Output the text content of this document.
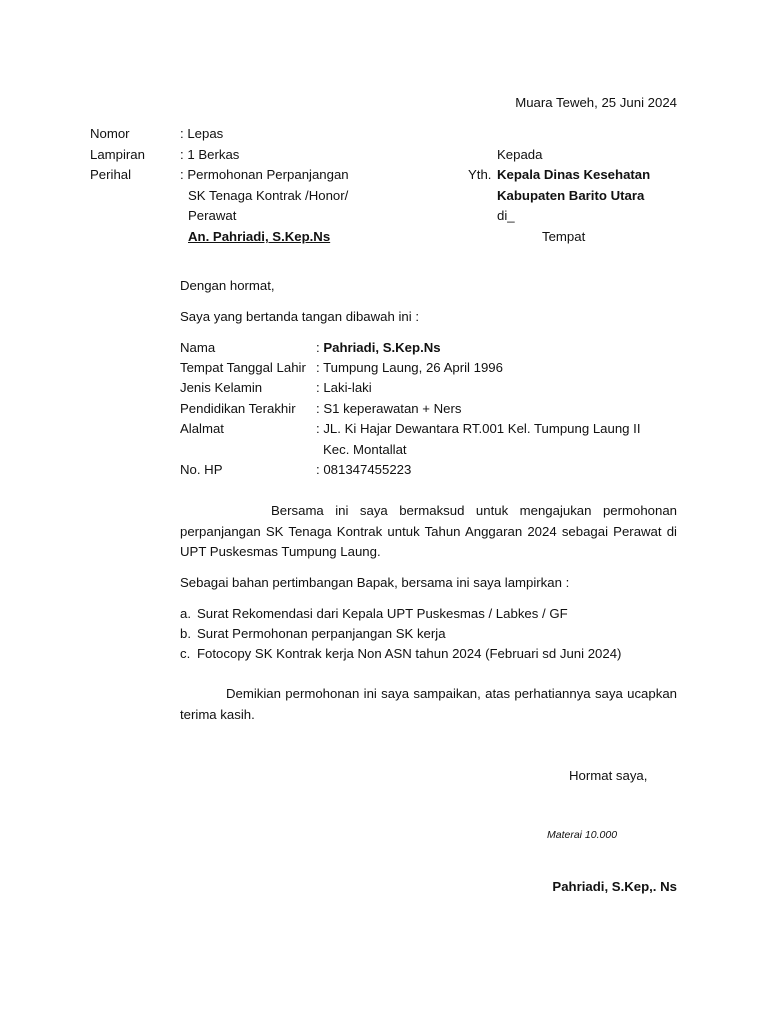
Muara Teweh, 25 Juni 2024
Nomor	: Lepas
Lampiran	: 1 Berkas
Perihal	: Permohonan Perpanjangan
SK Tenaga Kontrak /Honor/
Perawat
An. Pahriadi, S.Kep.Ns
Kepada
Yth. Kepala Dinas Kesehatan
Kabupaten Barito Utara
di_
Tempat
Dengan hormat,
Saya yang bertanda tangan dibawah ini :
Nama	: Pahriadi, S.Kep.Ns
Tempat Tanggal Lahir : Tumpung Laung, 26 April 1996
Jenis Kelamin	: Laki-laki
Pendidikan Terakhir : S1 keperawatan + Ners
Alalmat	: JL. Ki Hajar Dewantara RT.001 Kel. Tumpung Laung II
Kec. Montallat
No. HP	: 081347455223
Bersama ini saya bermaksud untuk mengajukan permohonan perpanjangan SK Tenaga Kontrak untuk Tahun Anggaran 2024 sebagai Perawat di UPT Puskesmas Tumpung Laung.
Sebagai bahan pertimbangan Bapak, bersama ini saya lampirkan :
a. Surat Rekomendasi dari Kepala UPT Puskesmas / Labkes / GF
b. Surat Permohonan perpanjangan SK kerja
c. Fotocopy SK Kontrak kerja Non ASN tahun 2024 (Februari sd Juni 2024)
Demikian permohonan ini saya sampaikan, atas perhatiannya saya ucapkan terima kasih.
Hormat saya,
Materai 10.000
Pahriadi, S.Kep,. Ns
